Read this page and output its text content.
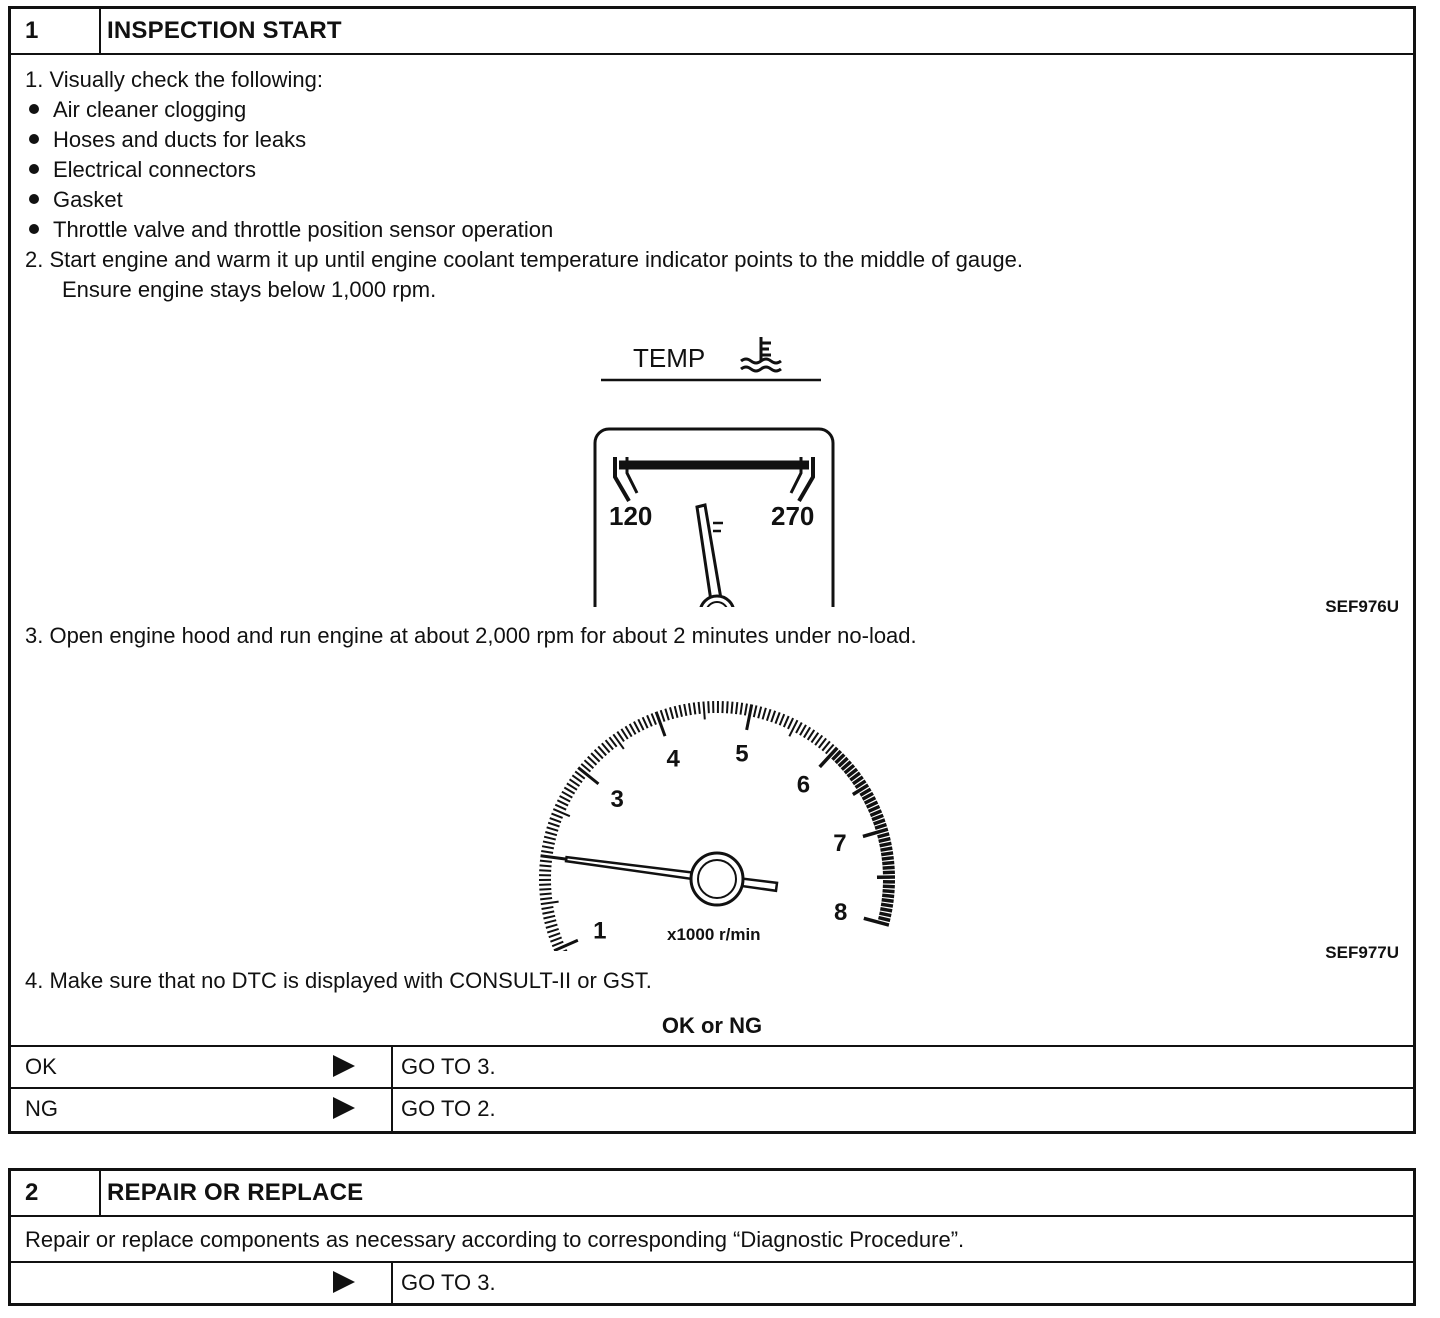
1	INSPECTION START
1. Visually check the following:
Air cleaner clogging
Hoses and ducts for leaks
Electrical connectors
Gasket
Throttle valve and throttle position sensor operation
2. Start engine and warm it up until engine coolant temperature indicator points to the middle of gauge.
Ensure engine stays below 1,000 rpm.
TEMP
120	270
SEF976U
3. Open engine hood and run engine at about 2,000 rpm for about 2 minutes under no-load.
1
3
4 5
6
7
8
x1000 r/min
SEF977U
4. Make sure that no DTC is displayed with CONSULT-II or GST.
OK or NG
OK	GO TO 3.
NG	GO TO 2.
2	REPAIR OR REPLACE
Repair or replace components as necessary according to corresponding “Diagnostic Procedure”.
GO TO 3.
